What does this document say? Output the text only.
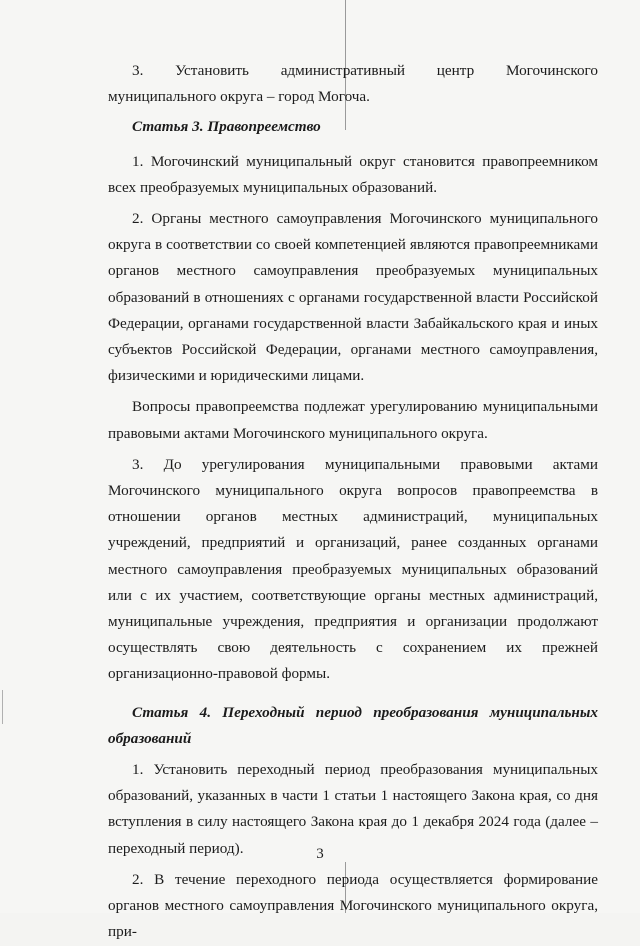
3. Установить административный центр Могочинского муниципального округа – город Могоча.

Статья 3. Правопреемство

1. Могочинский муниципальный округ становится правопреемником всех преобразуемых муниципальных образований.

2. Органы местного самоуправления Могочинского муниципального округа в соответствии со своей компетенцией являются правопреемниками органов местного самоуправления преобразуемых муниципальных образований в отношениях с органами государственной власти Российской Федерации, органами государственной власти Забайкальского края и иных субъектов Российской Федерации, органами местного самоуправления, физическими и юридическими лицами.

Вопросы правопреемства подлежат урегулированию муниципальными правовыми актами Могочинского муниципального округа.

3. До урегулирования муниципальными правовыми актами Могочинского муниципального округа вопросов правопреемства в отношении органов местных администраций, муниципальных учреждений, предприятий и организаций, ранее созданных органами местного самоуправления преобразуемых муниципальных образований или с их участием, соответствующие органы местных администраций, муниципальные учреждения, предприятия и организации продолжают осуществлять свою деятельность с сохранением их прежней организационно-правовой формы.

Статья 4. Переходный период преобразования муниципальных образований

1. Установить переходный период преобразования муниципальных образований, указанных в части 1 статьи 1 настоящего Закона края, со дня вступления в силу настоящего Закона края до 1 декабря 2024 года (далее – переходный период).

2. В течение переходного периода осуществляется формирование органов местного самоуправления Могочинского муниципального округа, при-

3
